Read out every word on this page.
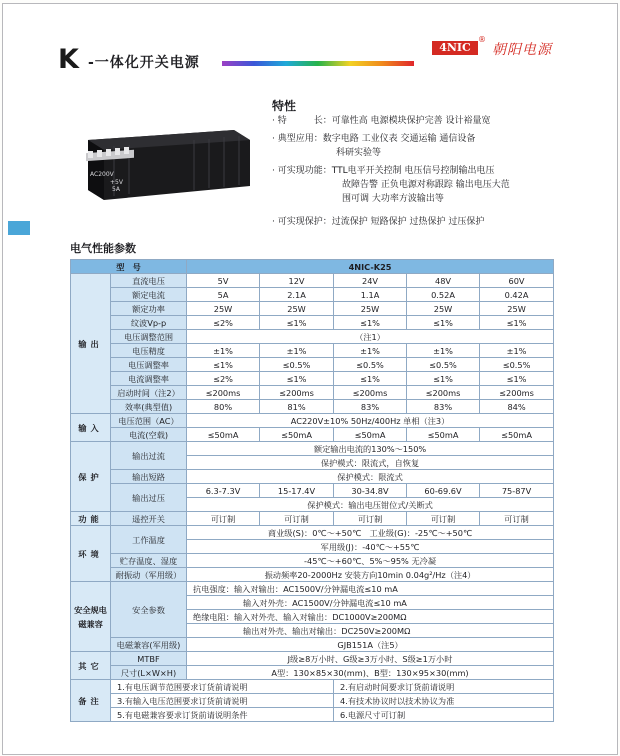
K -一体化开关电源
4NIC
®
朝阳电源
AC200V
+5V
5A
特性
· 特　　　长：可靠性高 电源模块保护完善 设计裕量宽
· 典型应用：数字电路 工业仪表 交通运输 通信设备
科研实验等
· 可实现功能：TTL电平开关控制 电压信号控制输出电压
故障告警 正负电源对称跟踪 输出电压大范
围可调 大功率方波输出等
· 可实现保护：过流保护 短路保护 过热保护 过压保护
电气性能参数
型　号		4NIC-K25				
输出	直流电压	5V	12V	24V	48V	60V
	额定电流	5A	2.1A	1.1A	0.52A	0.42A
	额定功率	25W	25W	25W	25W	25W
	纹波Vp-p	≤2%	≤1%	≤1%	≤1%	≤1%
	电压调整范围	（注1）				
	电压精度	±1%	±1%	±1%	±1%	±1%
	电压调整率	≤1%	≤0.5%	≤0.5%	≤0.5%	≤0.5%
	电流调整率	≤2%	≤1%	≤1%	≤1%	≤1%
	启动时间（注2）	≤200ms	≤200ms	≤200ms	≤200ms	≤200ms
	效率(典型值)	80%	81%	83%	83%	84%
输入	电压范围（AC）	AC220V±10% 50Hz/400Hz 单相（注3）				
	电流(空载)	≤50mA	≤50mA	≤50mA	≤50mA	≤50mA
保护	输出过流	额定输出电流的130%～150%				
		保护模式：限流式，自恢复				
	输出短路	保护模式：限流式				
	输出过压	6.3-7.3V	15-17.4V	30-34.8V	60-69.6V	75-87V

		保护模式：输出电压钳位式/关断式				
功能	遥控开关	可订制	可订制	可订制	可订制	可订制
环境	工作温度	商业级(S)：0℃～+50℃　工业级(G)：-25℃～+50℃				
		军用级(J)：-40℃～+55℃				
	贮存温度、湿度	-45℃～+60℃、5%～95% 无冷凝				
	耐振动（军用级）	振动频率20-2000Hz 安装方向10min 0.04g²/Hz（注4）				
安全规电磁兼容	安全参数	抗电强度：输入对输出：AC1500V/分钟漏电流≤10 mA				
		输入对外壳：AC1500V/分钟漏电流≤10 mA				
		绝缘电阻：输入对外壳、输入对输出：DC1000V≥200MΩ				
		输出对外壳、输出对输出：DC250V≥200MΩ				
	电磁兼容(军用级)	GJB151A（注5）				
其它	MTBF	J级≥8万小时、G级≥3万小时、S级≥1万小时				
	尺寸(L×W×H)	A型：130×85×30(mm)、B型：130×95×30(mm)				
备注	1.有电压调节范围要求订货前请说明			2.有启动时间要求订货前请说明		
	3.有输入电压范围要求订货前请说明			4.有技术协议时以技术协议为准		
	5.有电磁兼容要求订货前请说明条件			6.电源尺寸可订制		
